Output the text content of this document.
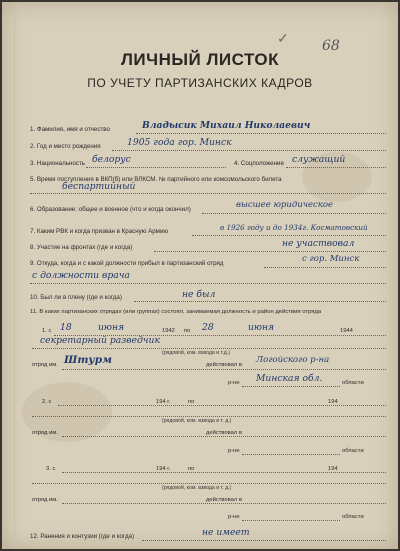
✓ 68
ЛИЧНЫЙ ЛИСТОК
ПО УЧЕТУ ПАРТИЗАНСКИХ КАДРОВ
1. Фамилия, имя и отчество	Владысик Михаил Николаевич
2. Год и место рождения	1905 года гор. Минск
3. Национальность белорус	4. Соцположение служащий
5. Время поступления в ВКП(б) или ВЛКСМ. № партийного или комсомольского билета
беспартийный
6. Образование: общее и военное (что и когда окончил)	высшее юридическое
7. Каким РВК и когда призван в Красную Армию	в 1926 году и до 1934г. Косматовский
8. Участие на фронтах (где и когда)	не участвовал
9. Откуда, когда и с какой должности прибыл в партизанский отряд	с гор. Минск
с должности врача
10. Был ли в плену (где и когда)	не был
11. В каких партизанских отрядах (или группах) состоял, занимаемая должность и район действия отряда
1. с 18	июня	1942 по 28	июня	1944
секретарный разведчик
(рядовой, ком. взвода и т.д.)
отряд им. Штурм	действовал в Логойского р-на
р-не Минская обл.	области
2. с	194 г.	по	194
(рядовой, ком. взвода и т. д.)
отряд им.	действовал в
р-не	области
3. с	194 г.	по	194
(рядовой, ком. взвода и т. д.)
отряд им.	действовал в
р-не	области
12. Ранения и контузии (где и когда)	не имеет
